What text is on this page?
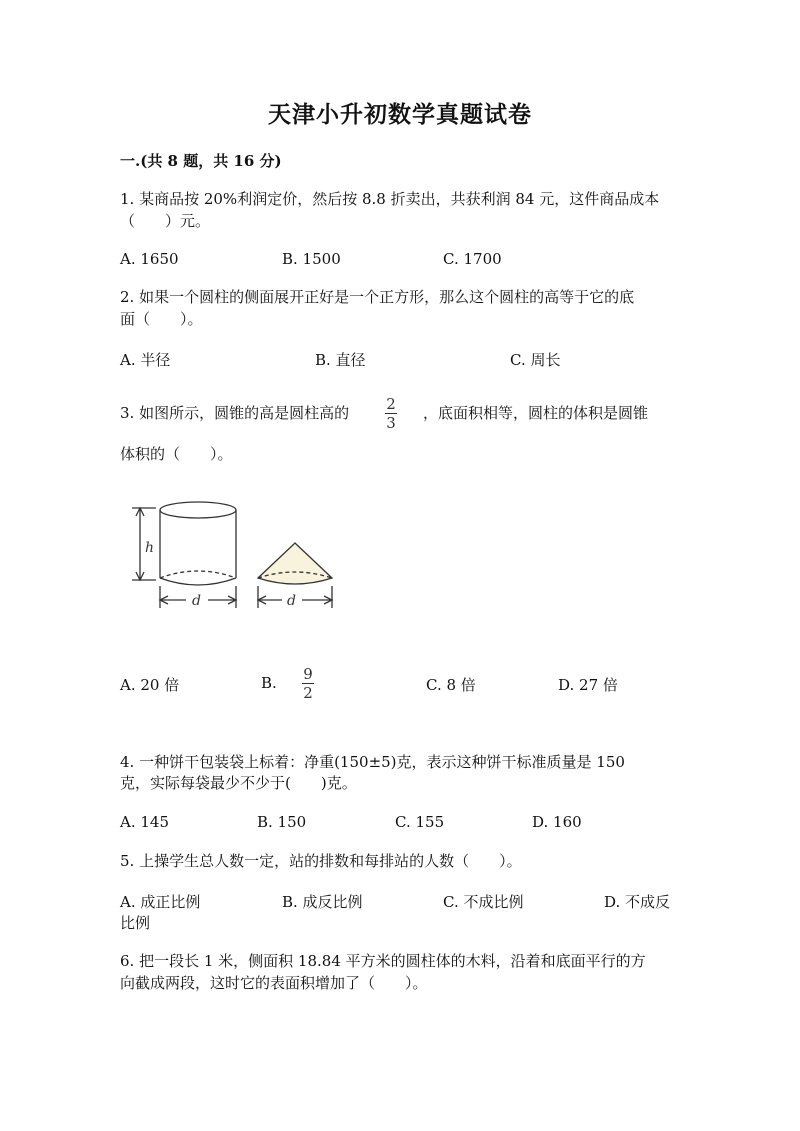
天津小升初数学真题试卷
一.(共 8 题，共 16 分)
1. 某商品按 20%利润定价，然后按 8.8 折卖出，共获利润 84 元，这件商品成本
（　　）元。
A. 1650	B. 1500	C. 1700
2. 如果一个圆柱的侧面展开正好是一个正方形，那么这个圆柱的高等于它的底
面（　　）。
A. 半径	B. 直径	C. 周长
3. 如图所示，圆锥的高是圆柱高的 2
3
，底面积相等，圆柱的体积是圆锥
体积的（　　）。
h
d	d
A. 20 倍	B. 9
2	C. 8 倍	D. 27 倍
4. 一种饼干包装袋上标着：净重(150±5)克，表示这种饼干标准质量是 150
克，实际每袋最少不少于(　　)克。
A. 145	B. 150	C. 155	D. 160
5. 上操学生总人数一定，站的排数和每排站的人数（　　）。
A. 成正比例	B. 成反比例	C. 不成比例	D. 不成反
比例
6. 把一段长 1 米，侧面积 18.84 平方米的圆柱体的木料，沿着和底面平行的方
向截成两段，这时它的表面积增加了（　　）。
